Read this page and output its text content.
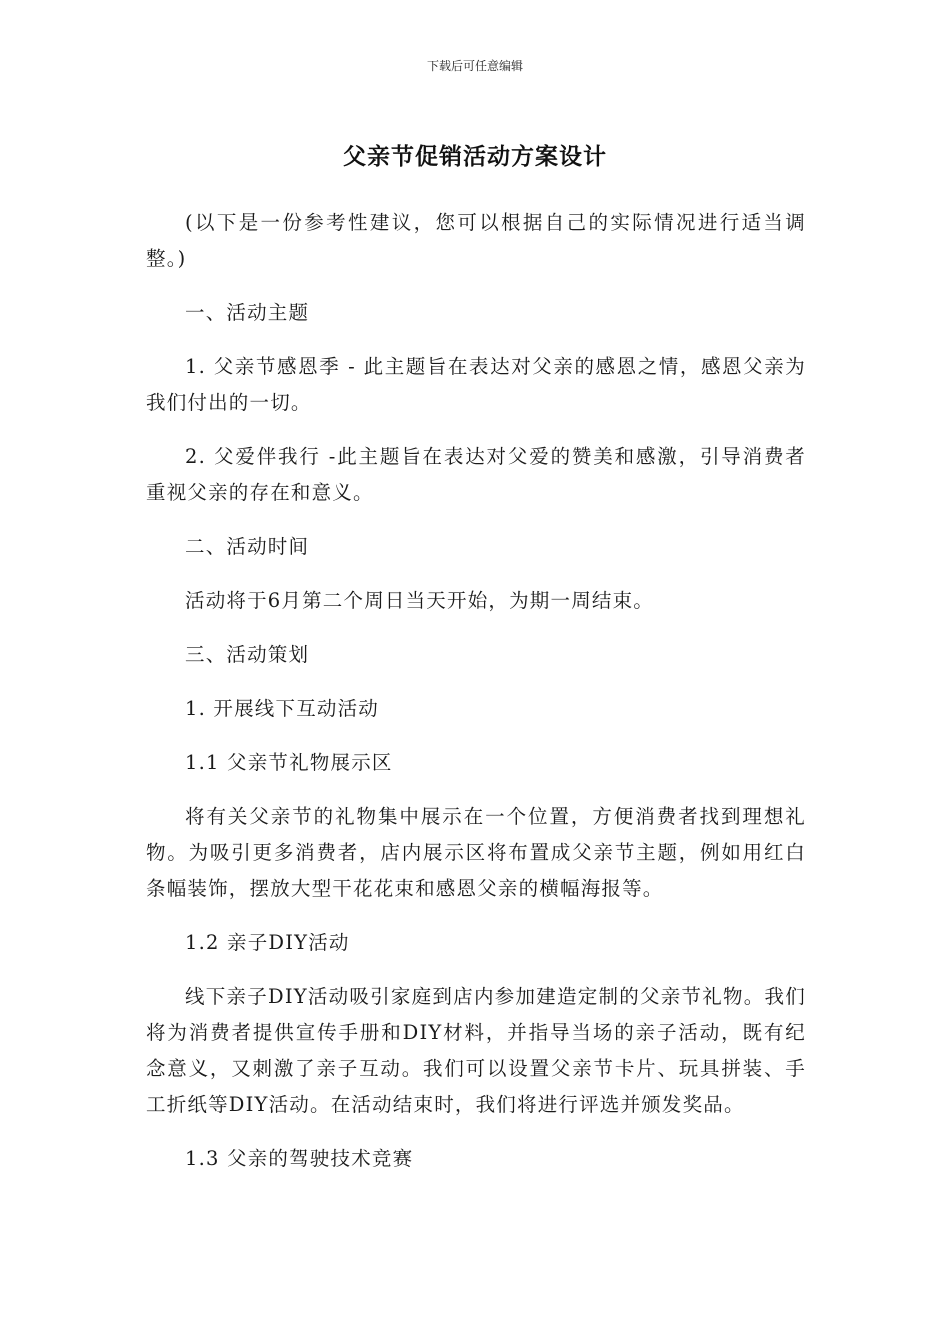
下载后可任意编辑
父亲节促销活动方案设计

(以下是一份参考性建议，您可以根据自己的实际情况进行适当调整。)

一、活动主题

1. 父亲节感恩季 - 此主题旨在表达对父亲的感恩之情，感恩父亲为我们付出的一切。

2. 父爱伴我行 -此主题旨在表达对父爱的赞美和感激，引导消费者重视父亲的存在和意义。

二、活动时间

活动将于6月第二个周日当天开始，为期一周结束。

三、活动策划

1. 开展线下互动活动

1.1 父亲节礼物展示区

将有关父亲节的礼物集中展示在一个位置，方便消费者找到理想礼物。为吸引更多消费者，店内展示区将布置成父亲节主题，例如用红白条幅装饰，摆放大型干花花束和感恩父亲的横幅海报等。

1.2 亲子DIY活动

线下亲子DIY活动吸引家庭到店内参加建造定制的父亲节礼物。我们将为消费者提供宣传手册和DIY材料，并指导当场的亲子活动，既有纪念意义，又刺激了亲子互动。我们可以设置父亲节卡片、玩具拼装、手工折纸等DIY活动。在活动结束时，我们将进行评选并颁发奖品。

1.3 父亲的驾驶技术竞赛
